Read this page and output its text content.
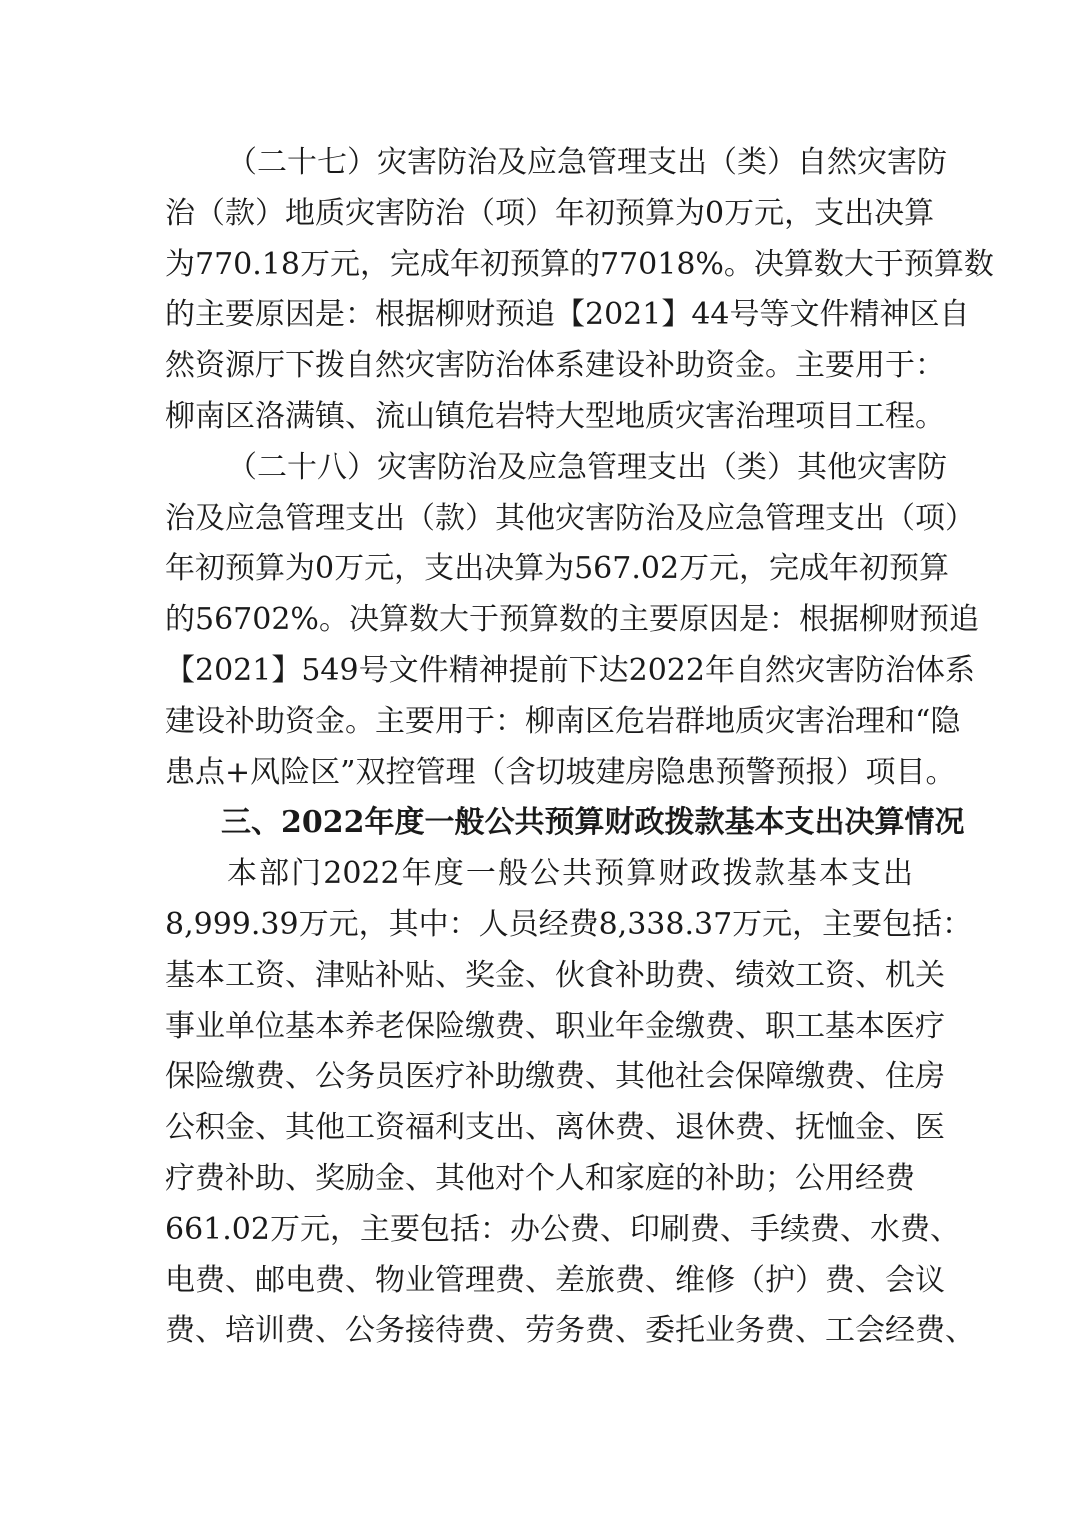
（二十七）灾害防治及应急管理支出（类）自然灾害防
治（款）地质灾害防治（项）年初预算为0万元，支出决算
为770.18万元，完成年初预算的77018%。决算数大于预算数
的主要原因是：根据柳财预追【2021】44号等文件精神区自
然资源厅下拨自然灾害防治体系建设补助资金。主要用于：
柳南区洛满镇、流山镇危岩特大型地质灾害治理项目工程。
（二十八）灾害防治及应急管理支出（类）其他灾害防
治及应急管理支出（款）其他灾害防治及应急管理支出（项）
年初预算为0万元，支出决算为567.02万元，完成年初预算
的56702%。决算数大于预算数的主要原因是：根据柳财预追
【2021】549号文件精神提前下达2022年自然灾害防治体系
建设补助资金。主要用于：柳南区危岩群地质灾害治理和“隐
患点+风险区”双控管理（含切坡建房隐患预警预报）项目。
三、2022年度一般公共预算财政拨款基本支出决算情况
本部门2022年度一般公共预算财政拨款基本支出
8,999.39万元，其中：人员经费8,338.37万元，主要包括：
基本工资、津贴补贴、奖金、伙食补助费、绩效工资、机关
事业单位基本养老保险缴费、职业年金缴费、职工基本医疗
保险缴费、公务员医疗补助缴费、其他社会保障缴费、住房
公积金、其他工资福利支出、离休费、退休费、抚恤金、医
疗费补助、奖励金、其他对个人和家庭的补助；公用经费
661.02万元，主要包括：办公费、印刷费、手续费、水费、
电费、邮电费、物业管理费、差旅费、维修（护）费、会议
费、培训费、公务接待费、劳务费、委托业务费、工会经费、
